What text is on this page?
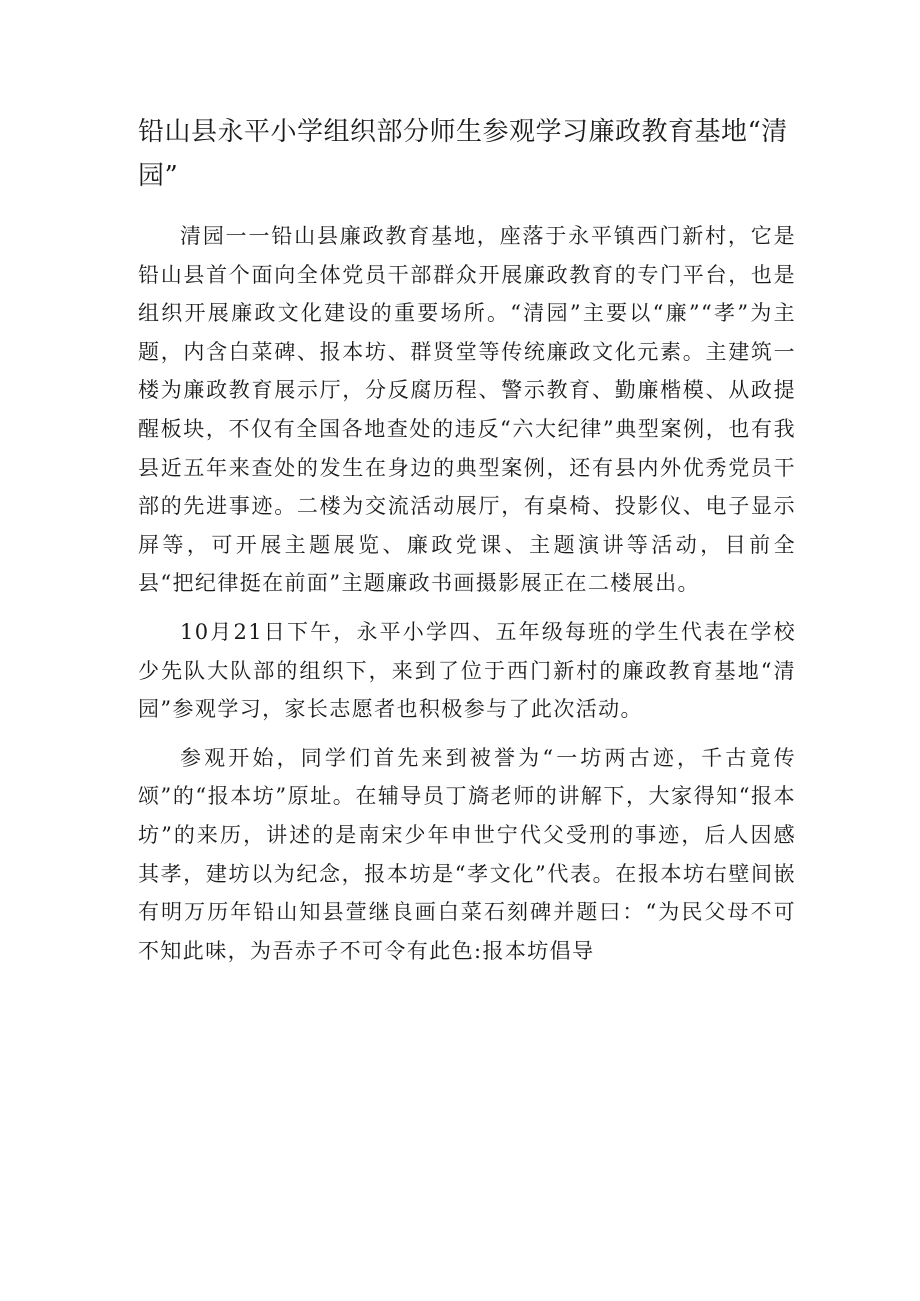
铅山县永平小学组织部分师生参观学习廉政教育基地“清园”

清园一一铅山县廉政教育基地，座落于永平镇西门新村，它是铅山县首个面向全体党员干部群众开展廉政教育的专门平台，也是组织开展廉政文化建设的重要场所。“清园”主要以“廉”“孝”为主题，内含白菜碑、报本坊、群贤堂等传统廉政文化元素。主建筑一楼为廉政教育展示厅，分反腐历程、警示教育、勤廉楷模、从政提醒板块，不仅有全国各地查处的违反“六大纪律”典型案例，也有我县近五年来查处的发生在身边的典型案例，还有县内外优秀党员干部的先进事迹。二楼为交流活动展厅，有桌椅、投影仪、电子显示屏等，可开展主题展览、廉政党课、主题演讲等活动，目前全县“把纪律挺在前面”主题廉政书画摄影展正在二楼展出。

10月21日下午，永平小学四、五年级每班的学生代表在学校少先队大队部的组织下，来到了位于西门新村的廉政教育基地“清园”参观学习，家长志愿者也积极参与了此次活动。

参观开始，同学们首先来到被誉为“一坊两古迹，千古竟传颂”的“报本坊”原址。在辅导员丁旖老师的讲解下，大家得知“报本坊”的来历，讲述的是南宋少年申世宁代父受刑的事迹，后人因感其孝，建坊以为纪念，报本坊是“孝文化”代表。在报本坊右壁间嵌有明万历年铅山知县萱继良画白菜石刻碑并题曰：“为民父母不可不知此味，为吾赤子不可令有此色:报本坊倡导
